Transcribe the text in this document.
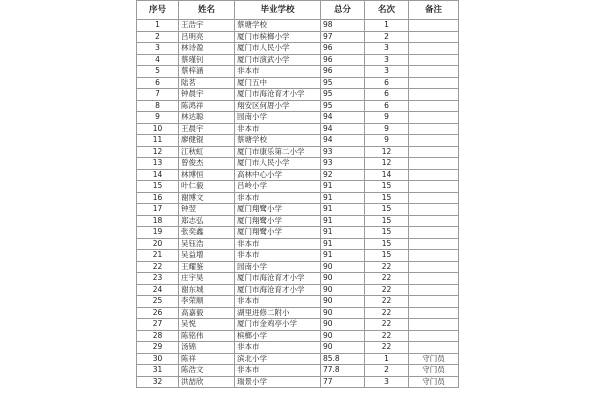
序号	姓名	毕业学校	总分	名次	备注
1	王浩宇	蔡塘学校	98	1	
2	吕明亮	厦门市槟榔小学	97	2	
3	林诗盈	厦门市人民小学	96	3	
4	蔡瑾钊	厦门市演武小学	96	3	
5	蔡梓涵	非本市	96	3	
6	陆茗	厦门五中	95	6	
7	钟晨宇	厦门市海沧育才小学	95	6	
8	陈鸿祥	翔安区何厝小学	95	6	
9	林达聪	园南小学	94	9	
10	王晨宇	非本市	94	9	
11	廖健锟	蔡塘学校	94	9	
12	江秋虹	厦门市康乐第二小学	93	12	
13	曾俊杰	厦门市人民小学	93	12	
14	林博恒	高林中心小学	92	14	
15	叶仁毅	吕岭小学	91	15	
16	谢博文	非本市	91	15	
17	钟翌	厦门翔鹭小学	91	15	
18	郑志弘	厦门翔鹭小学	91	15	
19	张奕鑫	厦门翔鹭小学	91	15	
20	吴钰浩	非本市	91	15	
21	吴益增	非本市	91	15	
22	王耀鉴	园南小学	90	22	
23	庄宇昊	厦门市海沧育才小学	90	22	
24	谢东城	厦门市海沧育才小学	90	22	
25	李荣顺	非本市	90	22	
26	高嘉毅	湖里进修二附小	90	22	
27	吴悦	厦门市金鸡亭小学	90	22	
28	陈铭伟	槟榔小学	90	22	
29	汤锦	非本市	90	22	
30	陈祥	滨北小学	85.8	1	守门员
31	陈浩文	非本市	77.8	2	守门员
32	洪喆欣	瑞景小学	77	3	守门员
